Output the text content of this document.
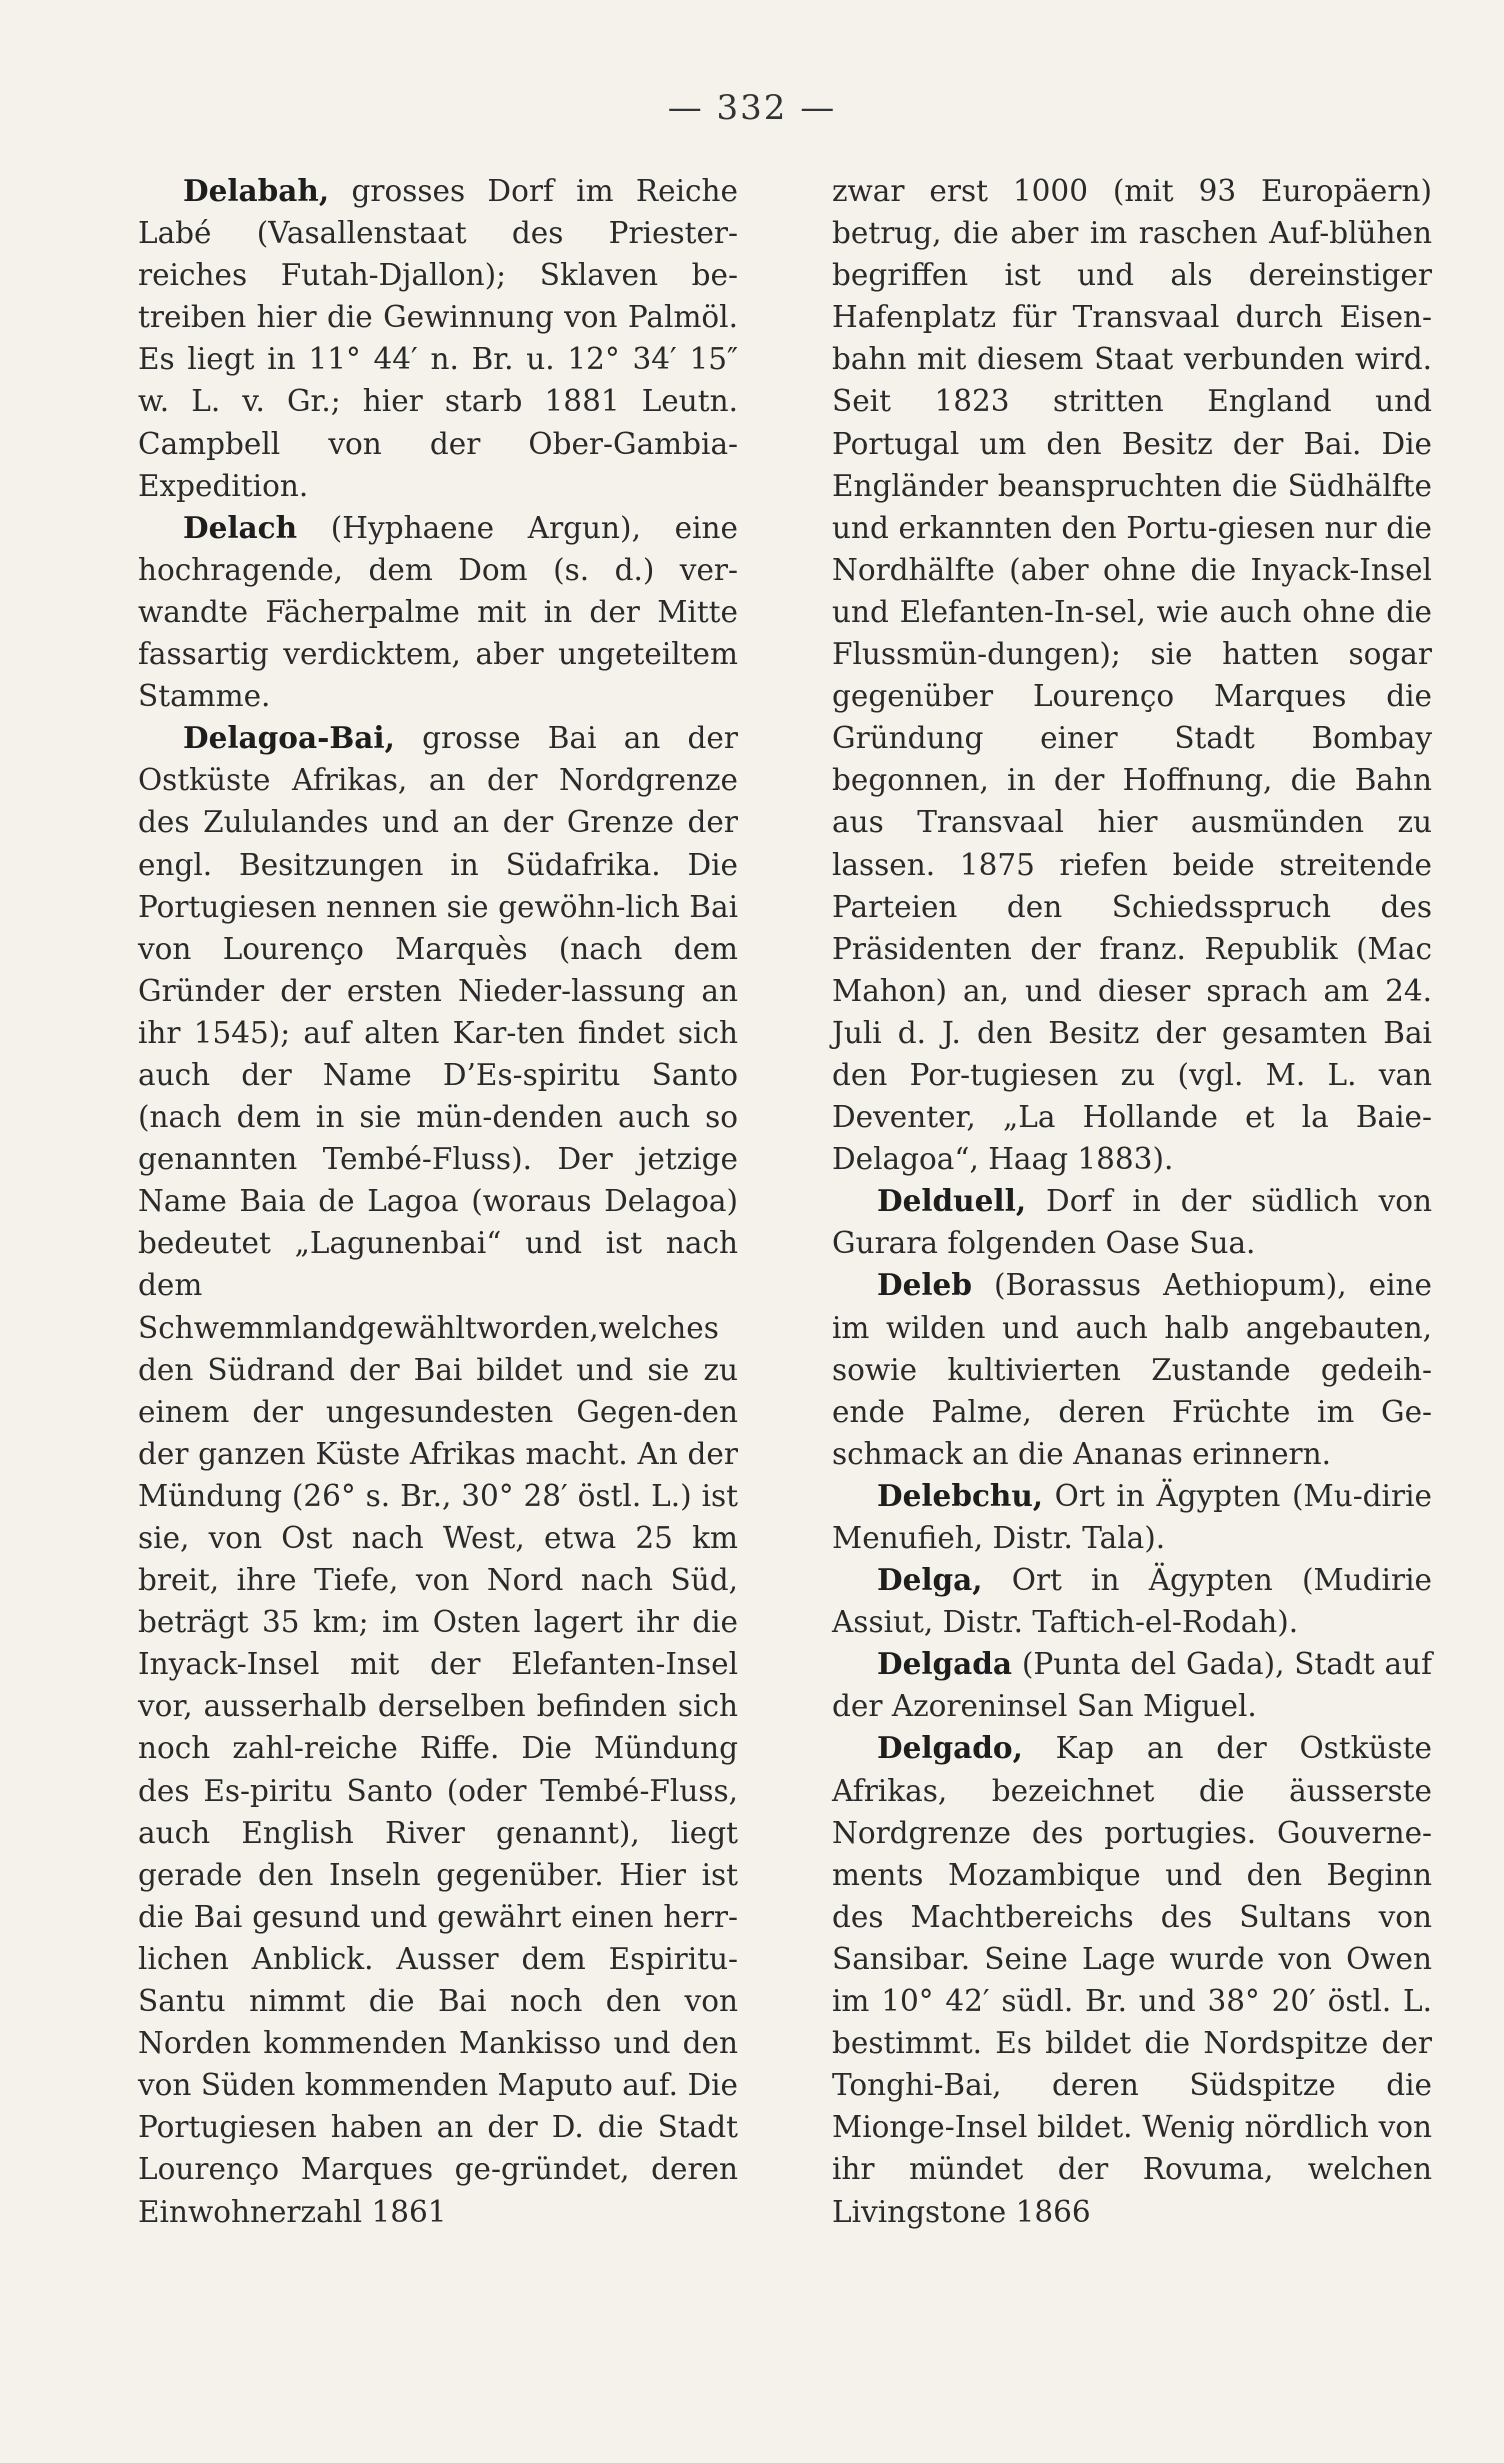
— 332 —

Delabah, grosses Dorf im Reiche Labé (Vasallenstaat des Priester-reiches Futah-Djallon); Sklaven be-treiben hier die Gewinnung von Palmöl. Es liegt in 11° 44′ n. Br. u. 12° 34′ 15″ w. L. v. Gr.; hier starb 1881 Leutn. Campbell von der Ober-Gambia-Expedition.

Delach (Hyphaene Argun), eine hochragende, dem Dom (s. d.) ver-wandte Fächerpalme mit in der Mitte fassartig verdicktem, aber ungeteiltem Stamme.

Delagoa-Bai, grosse Bai an der Ostküste Afrikas, an der Nordgrenze des Zululandes und an der Grenze der engl. Besitzungen in Südafrika. Die Portugiesen nennen sie gewöhn-lich Bai von Lourenço Marquès (nach dem Gründer der ersten Nieder-lassung an ihr 1545); auf alten Kar-ten findet sich auch der Name D’Es-spiritu Santo (nach dem in sie mün-denden auch so genannten Tembé-Fluss). Der jetzige Name Baia de Lagoa (woraus Delagoa) bedeutet „Lagunenbai“ und ist nach dem Schwemmlandgewähltworden,welches den Südrand der Bai bildet und sie zu einem der ungesundesten Gegen-den der ganzen Küste Afrikas macht. An der Mündung (26° s. Br., 30° 28′ östl. L.) ist sie, von Ost nach West, etwa 25 km breit, ihre Tiefe, von Nord nach Süd, beträgt 35 km; im Osten lagert ihr die Inyack-Insel mit der Elefanten-Insel vor, ausserhalb derselben befinden sich noch zahl-reiche Riffe. Die Mündung des Es-piritu Santo (oder Tembé-Fluss, auch English River genannt), liegt gerade den Inseln gegenüber. Hier ist die Bai gesund und gewährt einen herr-lichen Anblick. Ausser dem Espiritu-Santu nimmt die Bai noch den von Norden kommenden Mankisso und den von Süden kommenden Maputo auf. Die Portugiesen haben an der D. die Stadt Lourenço Marques ge-gründet, deren Einwohnerzahl 1861

zwar erst 1000 (mit 93 Europäern) betrug, die aber im raschen Auf-blühen begriffen ist und als dereinstiger Hafenplatz für Transvaal durch Eisen-bahn mit diesem Staat verbunden wird. Seit 1823 stritten England und Portugal um den Besitz der Bai. Die Engländer beanspruchten die Südhälfte und erkannten den Portu-giesen nur die Nordhälfte (aber ohne die Inyack-Insel und Elefanten-In-sel, wie auch ohne die Flussmün-dungen); sie hatten sogar gegenüber Lourenço Marques die Gründung einer Stadt Bombay begonnen, in der Hoffnung, die Bahn aus Transvaal hier ausmünden zu lassen. 1875 riefen beide streitende Parteien den Schiedsspruch des Präsidenten der franz. Republik (Mac Mahon) an, und dieser sprach am 24. Juli d. J. den Besitz der gesamten Bai den Por-tugiesen zu (vgl. M. L. van Deventer, „La Hollande et la Baie-Delagoa“, Haag 1883).

Delduell, Dorf in der südlich von Gurara folgenden Oase Sua.

Deleb (Borassus Aethiopum), eine im wilden und auch halb angebauten, sowie kultivierten Zustande gedeih-ende Palme, deren Früchte im Ge-schmack an die Ananas erinnern.

Delebchu, Ort in Ägypten (Mu-dirie Menufieh, Distr. Tala).

Delga, Ort in Ägypten (Mudirie Assiut, Distr. Taftich-el-Rodah).

Delgada (Punta del Gada), Stadt auf der Azoreninsel San Miguel.

Delgado, Kap an der Ostküste Afrikas, bezeichnet die äusserste Nordgrenze des portugies. Gouverne-ments Mozambique und den Beginn des Machtbereichs des Sultans von Sansibar. Seine Lage wurde von Owen im 10° 42′ südl. Br. und 38° 20′ östl. L. bestimmt. Es bildet die Nordspitze der Tonghi-Bai, deren Südspitze die Mionge-Insel bildet. Wenig nördlich von ihr mündet der Rovuma, welchen Livingstone 1866
